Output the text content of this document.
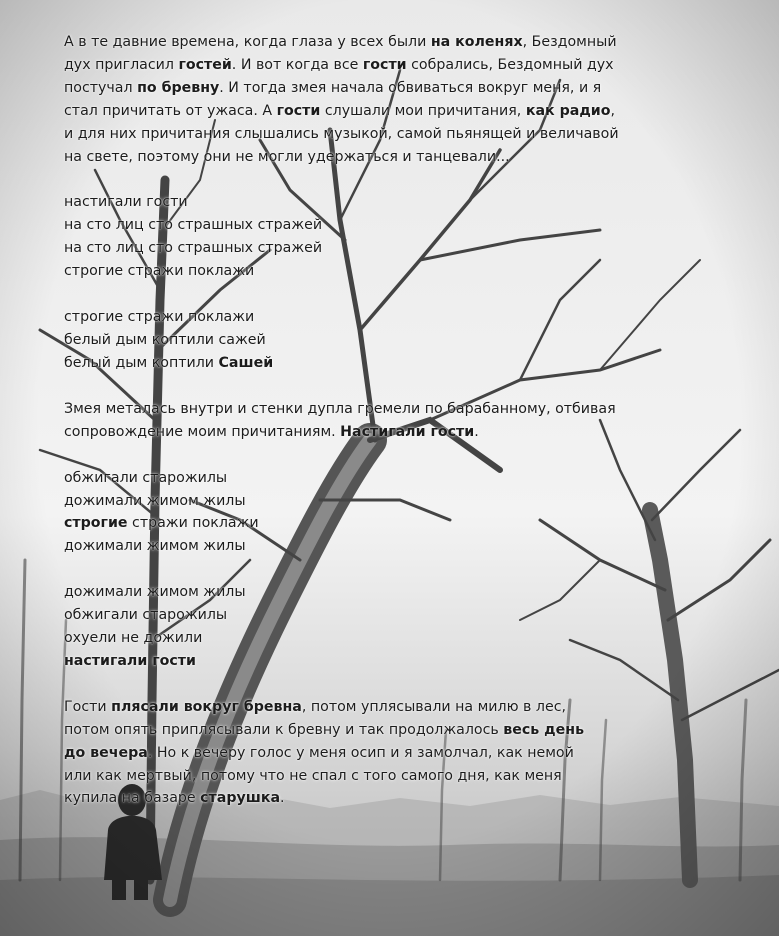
А в те давние времена, когда глаза у всех были на коленях, Бездомный
дух пригласил гостей. И вот когда все гости собрались, Бездомный дух
постучал по бревну. И тогда змея начала обвиваться вокруг меня, и я
стал причитать от ужаса. А гости слушали мои причитания, как радио,
и для них причитания слышались музыкой, самой пьянящей и величавой
на свете, поэтому они не могли удержаться и танцевали...
настигали гости
на сто лиц сто страшных стражей
на сто лиц сто страшных стражей
строгие стражи поклажи
строгие стражи поклажи
белый дым коптили сажей
белый дым коптили Сашей
Змея металась внутри и стенки дупла гремели по барабанному, отбивая
сопровождение моим причитаниям. Настигали гости.
обжигали старожилы
дожимали жимом жилы
строгие стражи поклажи
дожимали жимом жилы
дожимали жимом жилы
обжигали старожилы
охуели не дожили
настигали гости
Гости плясали вокруг бревна, потом уплясывали на милю в лес,
потом опять приплясывали к бревну и так продолжалось весь день
до вечера. Но к вечеру голос у меня осип и я замолчал, как немой
или как мертвый, потому что не спал с того самого дня, как меня
купила на базаре старушка.
